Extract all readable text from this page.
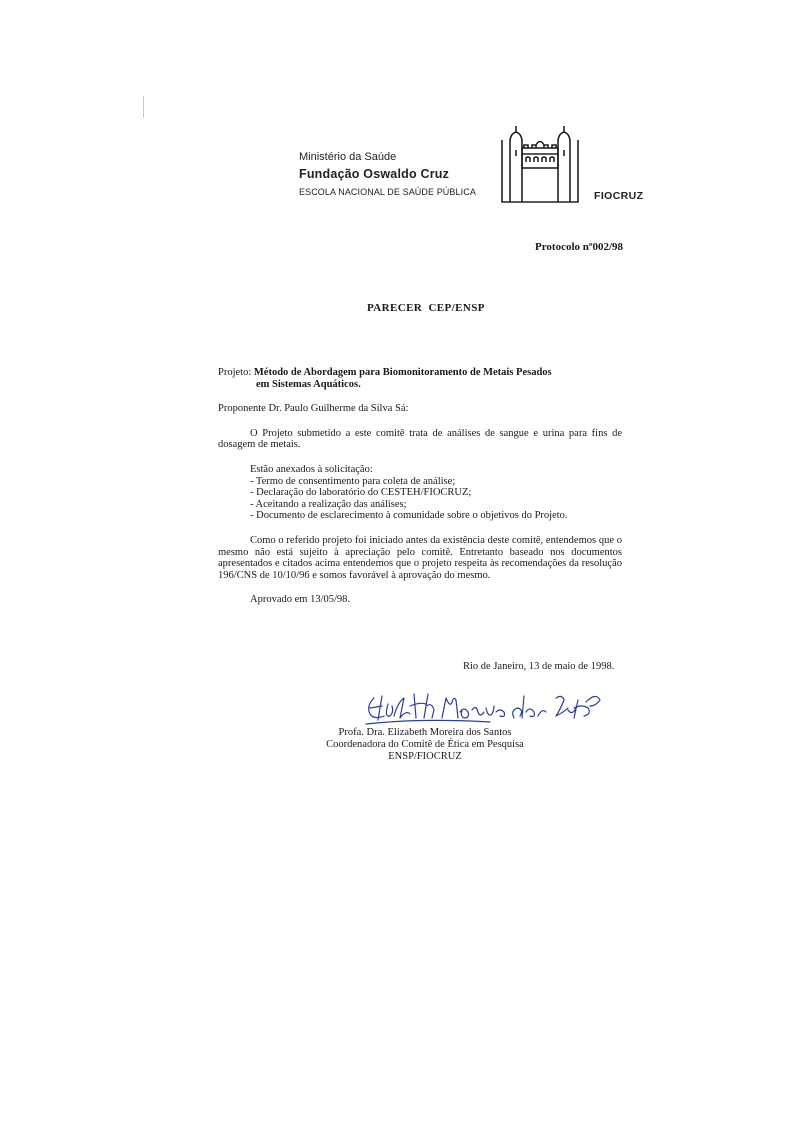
Ministério da Saúde
Fundação Oswaldo Cruz
ESCOLA NACIONAL DE SAÚDE PÚBLICA	FIOCRUZ
Protocolo nº002/98
PARECER  CEP/ENSP
Projeto: Método de Abordagem para Biomonitoramento de Metais Pesados
em Sistemas Aquáticos.
Proponente Dr. Paulo Guilherme da Silva Sá:
O Projeto submetido a este comitê trata de análises de sangue e urina para fins de dosagem de metais.
Estão anexados à solicitação:
- Termo de consentimento para coleta de análise;
- Declaração do laboratório do CESTEH/FIOCRUZ;
- Aceitando a realização das análises;
- Documento de esclarecimento à comunidade sobre o objetivos do Projeto.
Como o referido projeto foi iniciado antes da existência deste comitê, entendemos que o mesmo não está sujeito à apreciação pelo comitê. Entretanto baseado nos documentos apresentados e citados acima entendemos que o projeto respeita às recomendações da resolução 196/CNS de 10/10/96 e somos favorável à aprovação do mesmo.
Aprovado em 13/05/98.
Rio de Janeiro, 13 de maio de 1998.
Profa. Dra. Elizabeth Moreira dos Santos
Coordenadora do Comitê de Ética em Pesquisa
ENSP/FIOCRUZ
